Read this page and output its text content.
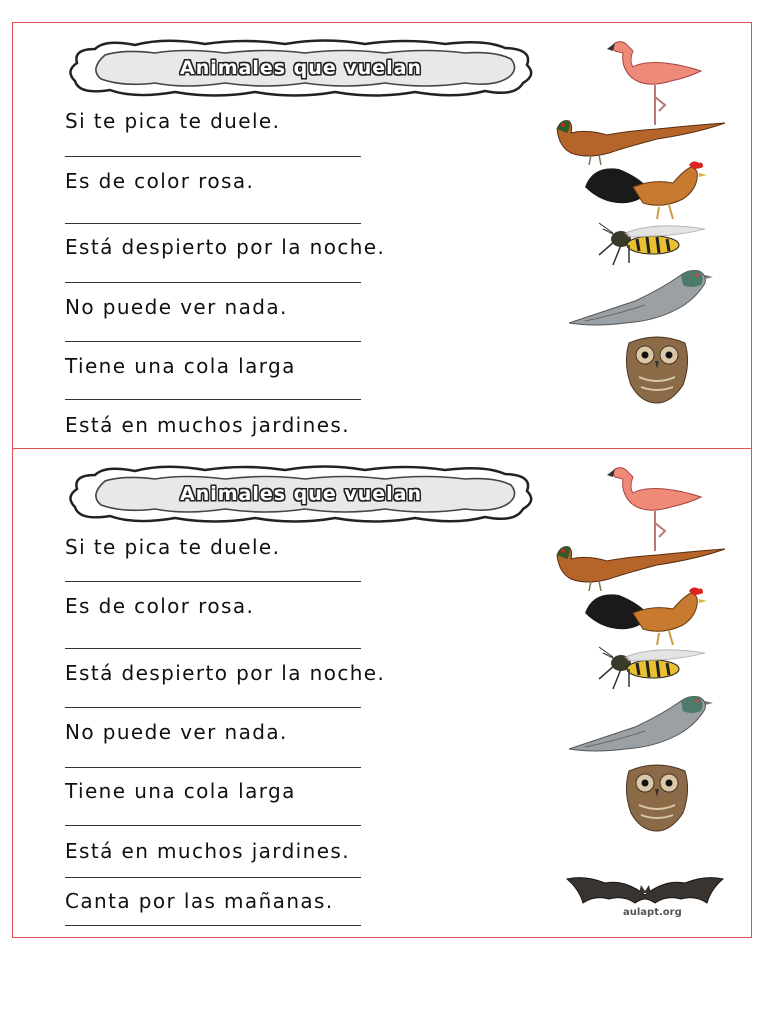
Animales que vuelan
Si te pica te duele.
Es de color rosa.
Está despierto por la noche.
No puede ver nada.
Tiene una cola larga
Está en muchos jardines.
Animales que vuelan
Si te pica te duele.
Es de color rosa.
Está despierto por la noche.
No puede ver nada.
Tiene una cola larga
Está en muchos jardines.
Canta por las mañanas.	aulapt.org
